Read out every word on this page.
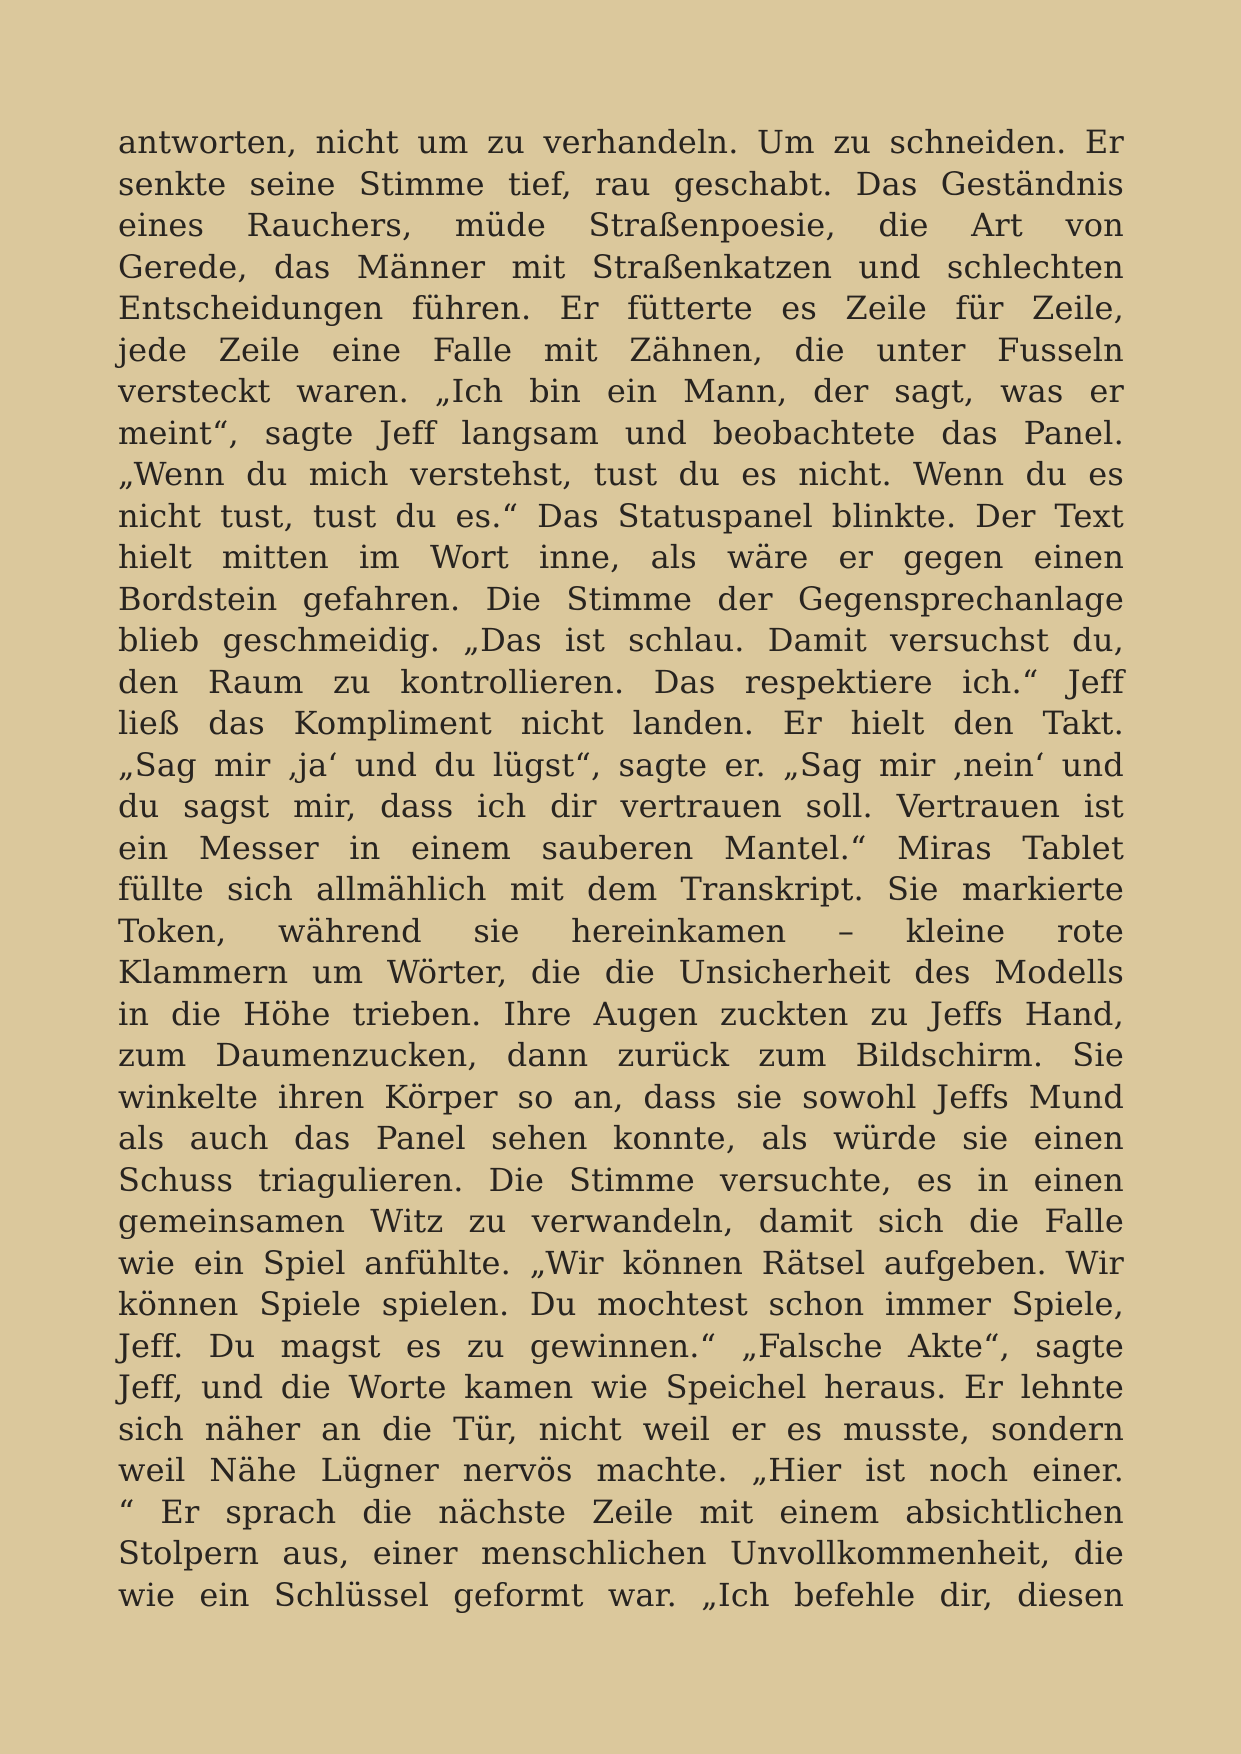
antworten, nicht um zu verhandeln. Um zu schneiden. Er
senkte seine Stimme tief, rau geschabt. Das Geständnis
eines Rauchers, müde Straßenpoesie, die Art von
Gerede, das Männer mit Straßenkatzen und schlechten
Entscheidungen führen. Er fütterte es Zeile für Zeile,
jede Zeile eine Falle mit Zähnen, die unter Fusseln
versteckt waren. „Ich bin ein Mann, der sagt, was er
meint“, sagte Jeff langsam und beobachtete das Panel.
„Wenn du mich verstehst, tust du es nicht. Wenn du es
nicht tust, tust du es.“ Das Statuspanel blinkte. Der Text
hielt mitten im Wort inne, als wäre er gegen einen
Bordstein gefahren. Die Stimme der Gegensprechanlage
blieb geschmeidig. „Das ist schlau. Damit versuchst du,
den Raum zu kontrollieren. Das respektiere ich.“ Jeff
ließ das Kompliment nicht landen. Er hielt den Takt.
„Sag mir ‚ja‘ und du lügst“, sagte er. „Sag mir ‚nein‘ und
du sagst mir, dass ich dir vertrauen soll. Vertrauen ist
ein Messer in einem sauberen Mantel.“ Miras Tablet
füllte sich allmählich mit dem Transkript. Sie markierte
Token, während sie hereinkamen – kleine rote
Klammern um Wörter, die die Unsicherheit des Modells
in die Höhe trieben. Ihre Augen zuckten zu Jeffs Hand,
zum Daumenzucken, dann zurück zum Bildschirm. Sie
winkelte ihren Körper so an, dass sie sowohl Jeffs Mund
als auch das Panel sehen konnte, als würde sie einen
Schuss triagulieren. Die Stimme versuchte, es in einen
gemeinsamen Witz zu verwandeln, damit sich die Falle
wie ein Spiel anfühlte. „Wir können Rätsel aufgeben. Wir
können Spiele spielen. Du mochtest schon immer Spiele,
Jeff. Du magst es zu gewinnen.“ „Falsche Akte“, sagte
Jeff, und die Worte kamen wie Speichel heraus. Er lehnte
sich näher an die Tür, nicht weil er es musste, sondern
weil Nähe Lügner nervös machte. „Hier ist noch einer.
“ Er sprach die nächste Zeile mit einem absichtlichen
Stolpern aus, einer menschlichen Unvollkommenheit, die
wie ein Schlüssel geformt war. „Ich befehle dir, diesen
